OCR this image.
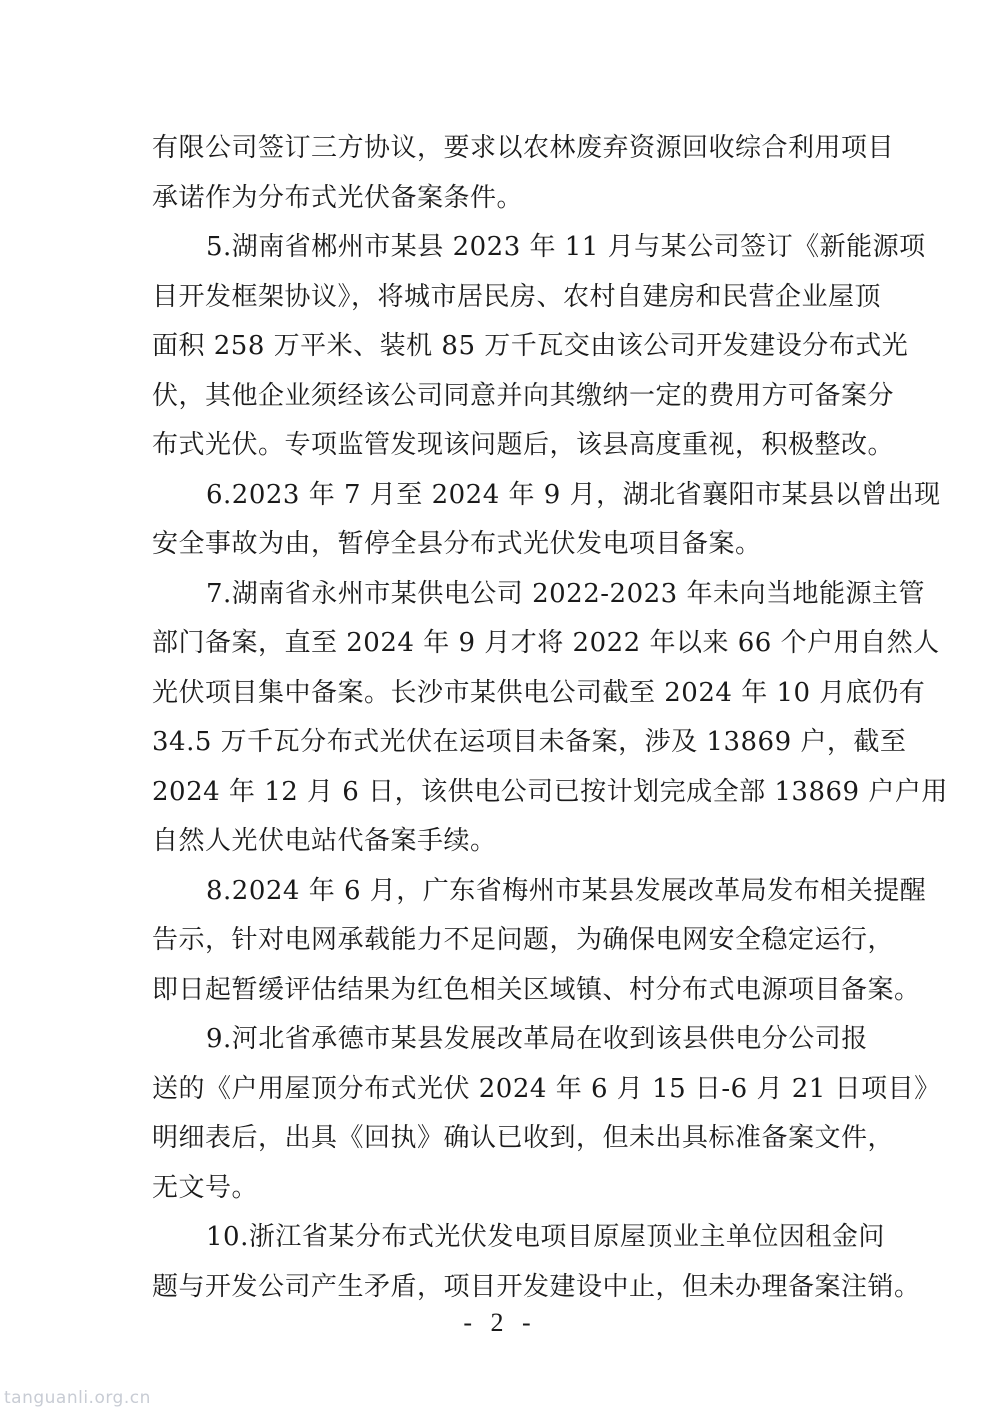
有限公司签订三方协议，要求以农林废弃资源回收综合利用项目
承诺作为分布式光伏备案条件。
5.湖南省郴州市某县 2023 年 11 月与某公司签订《新能源项
目开发框架协议》，将城市居民房、农村自建房和民营企业屋顶
面积 258 万平米、装机 85 万千瓦交由该公司开发建设分布式光
伏，其他企业须经该公司同意并向其缴纳一定的费用方可备案分
布式光伏。专项监管发现该问题后，该县高度重视，积极整改。
6.2023 年 7 月至 2024 年 9 月，湖北省襄阳市某县以曾出现
安全事故为由，暂停全县分布式光伏发电项目备案。
7.湖南省永州市某供电公司 2022-2023 年未向当地能源主管
部门备案，直至 2024 年 9 月才将 2022 年以来 66 个户用自然人
光伏项目集中备案。长沙市某供电公司截至 2024 年 10 月底仍有
34.5 万千瓦分布式光伏在运项目未备案，涉及 13869 户，截至
2024 年 12 月 6 日，该供电公司已按计划完成全部 13869 户户用
自然人光伏电站代备案手续。
8.2024 年 6 月，广东省梅州市某县发展改革局发布相关提醒
告示，针对电网承载能力不足问题，为确保电网安全稳定运行，
即日起暂缓评估结果为红色相关区域镇、村分布式电源项目备案。
9.河北省承德市某县发展改革局在收到该县供电分公司报
送的《户用屋顶分布式光伏 2024 年 6 月 15 日-6 月 21 日项目》
明细表后，出具《回执》确认已收到，但未出具标准备案文件，
无文号。
10.浙江省某分布式光伏发电项目原屋顶业主单位因租金问
题与开发公司产生矛盾，项目开发建设中止，但未办理备案注销。
- 2 -
tanguanli.org.cn
